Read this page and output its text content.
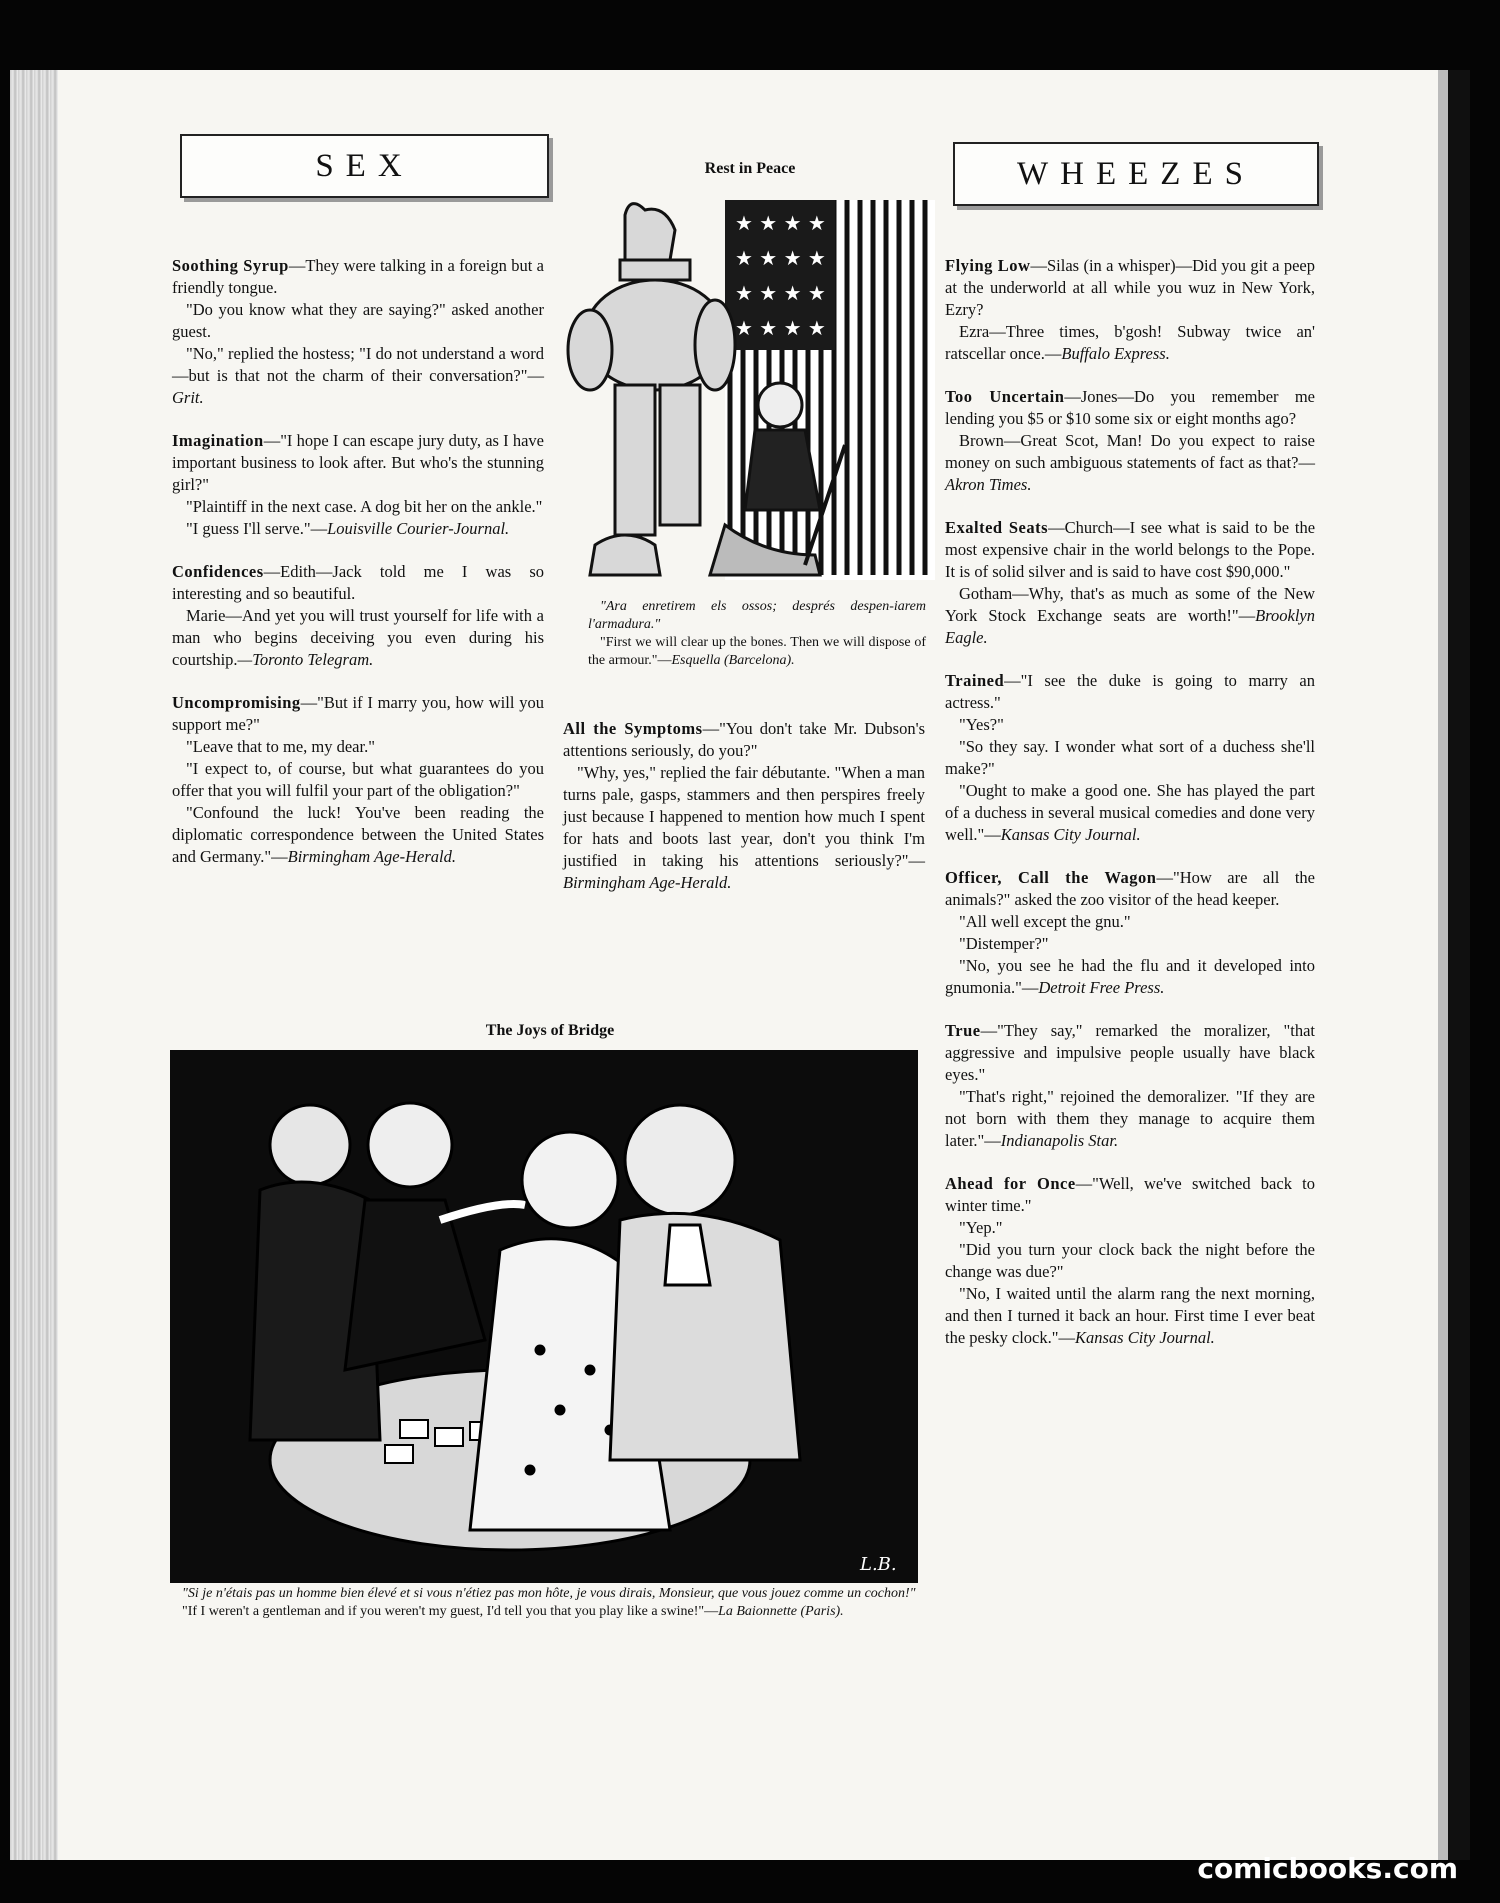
SEX	WHEEZES

Soothing Syrup—They were talking in a foreign but a friendly tongue.

"Do you know what they are saying?" asked another guest.

"No," replied the hostess; "I do not understand a word—but is that not the charm of their conversation?"—Grit.

Imagination—"I hope I can escape jury duty, as I have important business to look after. But who's the stunning girl?"

"Plaintiff in the next case. A dog bit her on the ankle."

"I guess I'll serve."—Louisville Courier-Journal.

Confidences—Edith—Jack told me I was so interesting and so beautiful.

Marie—And yet you will trust yourself for life with a man who begins deceiving you even during his courtship.—Toronto Telegram.

Uncompromising—"But if I marry you, how will you support me?"

"Leave that to me, my dear."

"I expect to, of course, but what guarantees do you offer that you will fulfil your part of the obligation?"

"Confound the luck! You've been reading the diplomatic correspondence between the United States and Germany."—Birmingham Age-Herald.

Rest in Peace
★ ★ ★ ★
★ ★ ★ ★
★ ★ ★ ★
★ ★ ★ ★

"Ara enretirem els ossos; després despen-iarem l'armadura."

"First we will clear up the bones. Then we will dispose of the armour."—Esquella (Barcelona).

All the Symptoms—"You don't take Mr. Dubson's attentions seriously, do you?"

"Why, yes," replied the fair débutante. "When a man turns pale, gasps, stammers and then perspires freely just because I happened to mention how much I spent for hats and boots last year, don't you think I'm justified in taking his attentions seriously?"—Birmingham Age-Herald.

The Joys of Bridge
L.B.

"Si je n'étais pas un homme bien élevé et si vous n'étiez pas mon hôte, je vous dirais, Monsieur, que vous jouez comme un cochon!"

"If I weren't a gentleman and if you weren't my guest, I'd tell you that you play like a swine!"—La Baionnette (Paris).

Flying Low—Silas (in a whisper)—Did you git a peep at the underworld at all while you wuz in New York, Ezry?

Ezra—Three times, b'gosh! Subway twice an' ratscellar once.—Buffalo Express.

Too Uncertain—Jones—Do you remember me lending you $5 or $10 some six or eight months ago?

Brown—Great Scot, Man! Do you expect to raise money on such ambiguous statements of fact as that?—Akron Times.

Exalted Seats—Church—I see what is said to be the most expensive chair in the world belongs to the Pope. It is of solid silver and is said to have cost $90,000."

Gotham—Why, that's as much as some of the New York Stock Exchange seats are worth!"—Brooklyn Eagle.

Trained—"I see the duke is going to marry an actress."

"Yes?"

"So they say. I wonder what sort of a duchess she'll make?"

"Ought to make a good one. She has played the part of a duchess in several musical comedies and done very well."—Kansas City Journal.

Officer, Call the Wagon—"How are all the animals?" asked the zoo visitor of the head keeper.

"All well except the gnu."

"Distemper?"

"No, you see he had the flu and it developed into gnumonia."—Detroit Free Press.

True—"They say," remarked the moralizer, "that aggressive and impulsive people usually have black eyes."

"That's right," rejoined the demoralizer. "If they are not born with them they manage to acquire them later."—Indianapolis Star.

Ahead for Once—"Well, we've switched back to winter time."

"Yep."

"Did you turn your clock back the night before the change was due?"

"No, I waited until the alarm rang the next morning, and then I turned it back an hour. First time I ever beat the pesky clock."—Kansas City Journal.

comicbooks.com
